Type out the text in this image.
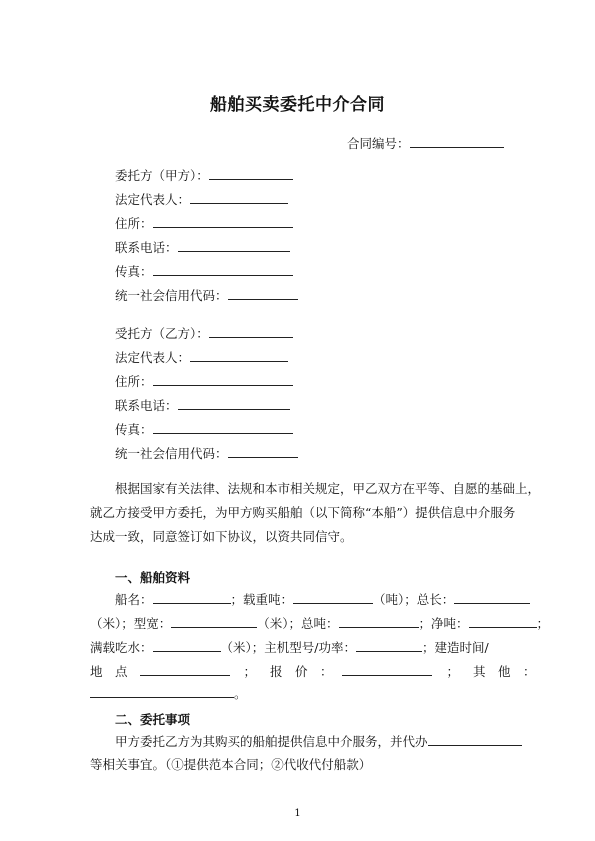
船舶买卖委托中介合同
合同编号：
委托方（甲方）：
法定代表人：
住所：
联系电话：
传真：
统一社会信用代码：
受托方（乙方）：
法定代表人：
住所：
联系电话：
传真：
统一社会信用代码：
根据国家有关法律、法规和本市相关规定，甲乙双方在平等、自愿的基础上，
就乙方接受甲方委托，为甲方购买船舶（以下简称“本船”）提供信息中介服务
达成一致，同意签订如下协议，以资共同信守。
一、船舶资料
船名：	；载重吨：	（吨）；总长：
（米）；型宽：	（米）；总吨：	；净吨：	；
满载吃水：	（米）；主机型号/功率：	；建造时间/
地　点	； 报　价　：	； 其　他　：
。
二、委托事项
甲方委托乙方为其购买的船舶提供信息中介服务，并代办
等相关事宜。（①提供范本合同；②代收代付船款）
1
